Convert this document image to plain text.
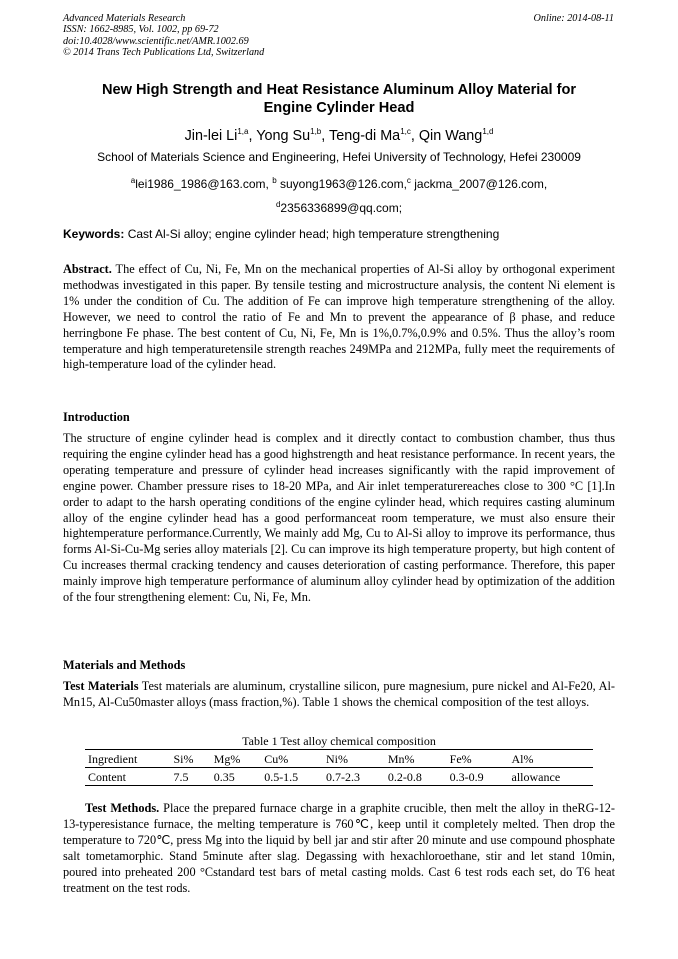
Advanced Materials Research
ISSN: 1662-8985, Vol. 1002, pp 69-72
doi:10.4028/www.scientific.net/AMR.1002.69
© 2014 Trans Tech Publications Ltd, Switzerland
Online: 2014-08-11
New High Strength and Heat Resistance Aluminum Alloy Material for
Engine Cylinder Head
Jin-lei Li$^{1,a}$, Yong Su$^{1,b}$, Teng-di Ma$^{1,c}$, Qin Wang$^{1,d}$
School of Materials Science and Engineering, Hefei University of Technology, Hefei 230009
$^a$lei1986_1986@163.com, $^b$ suyong1963@126.com,$^c$ jackma_2007@126.com,
$^d$2356336899@qq.com;
Keywords: Cast Al-Si alloy; engine cylinder head; high temperature strengthening
Abstract. The effect of Cu, Ni, Fe, Mn on the mechanical properties of Al-Si alloy by orthogonal experiment methodwas investigated in this paper. By tensile testing and microstructure analysis, the content Ni element is 1% under the condition of Cu. The addition of Fe can improve high temperature strengthening of the alloy. However, we need to control the ratio of Fe and Mn to prevent the appearance of β phase, and reduce herringbone Fe phase. The best content of Cu, Ni, Fe, Mn is 1%,0.7%,0.9% and 0.5%. Thus the alloy’s room temperature and high temperaturetensile strength reaches 249MPa and 212MPa, fully meet the requirements of high-temperature load of the cylinder head.
Introduction
The structure of engine cylinder head is complex and it directly contact to combustion chamber, thus thus requiring the engine cylinder head has a good highstrength and heat resistance performance. In recent years, the operating temperature and pressure of cylinder head increases significantly with the rapid improvement of engine power. Chamber pressure rises to 18-20 MPa, and Air inlet temperaturereaches close to 300 °C [1].In order to adapt to the harsh operating conditions of the engine cylinder head, which requires casting aluminum alloy of the engine cylinder head has a good performanceat room temperature, we must also ensure their hightemperature performance.Currently, We mainly add Mg, Cu to Al-Si alloy to improve its performance, thus forms Al-Si-Cu-Mg series alloy materials [2]. Cu can improve its high temperature property, but high content of Cu increases thermal cracking tendency and causes deterioration of casting performance. Therefore, this paper mainly improve high temperature performance of aluminum alloy cylinder head by optimization of the addition of the four strengthening element: Cu, Ni, Fe, Mn.
Materials and Methods
Test Materials Test materials are aluminum, crystalline silicon, pure magnesium, pure nickel and Al-Fe20, Al-Mn15, Al-Cu50master alloys (mass fraction,%). Table 1 shows the chemical composition of the test alloys.
Table 1 Test alloy chemical composition
Ingredient	Si%	Mg%	Cu%	Ni%	Mn%	Fe%	Al%
Content	7.5	0.35	0.5-1.5	0.7-2.3	0.2-0.8	0.3-0.9	allowance
Test Methods. Place the prepared furnace charge in a graphite crucible, then melt the alloy in theRG-12-13-typeresistance furnace, the melting temperature is 760℃, keep until it completely melted. Then drop the temperature to 720℃, press Mg into the liquid by bell jar and stir after 20 minute and use compound phosphate salt tometamorphic. Stand 5minute after slag. Degassing with hexachloroethane, stir and let stand 10min, poured into preheated 200 °Cstandard test bars of metal casting molds. Cast 6 test rods each set, do T6 heat treatment on the test rods.
